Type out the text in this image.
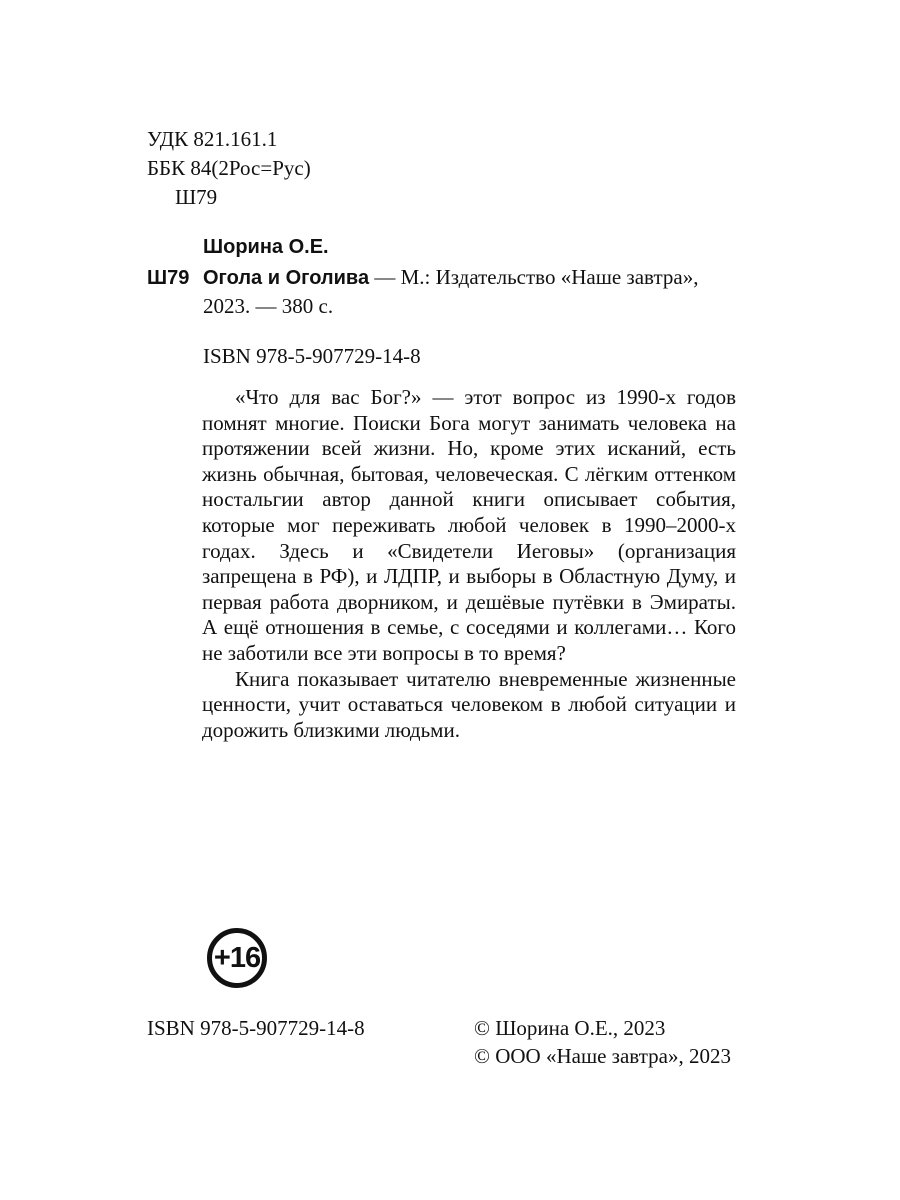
УДК 821.161.1
ББК 84(2Рос=Рус)
Ш79
Шорина О.Е.
Ш79 Огола и Оголива — М.: Издательство «Наше завтра»,
2023. — 380 с.
ISBN 978-5-907729-14-8

«Что для вас Бог?» — этот вопрос из 1990-х годов помнят многие. Поиски Бога могут занимать человека на протяжении всей жизни. Но, кроме этих исканий, есть жизнь обычная, бытовая, человеческая. С лёгким оттенком ностальгии автор данной книги описывает события, которые мог переживать любой человек в 1990–2000-х годах. Здесь и «Свидетели Иеговы» (организация запрещена в РФ), и ЛДПР, и выборы в Областную Думу, и первая работа дворником, и дешёвые путёвки в Эмираты. А ещё отношения в семье, с соседями и коллегами… Кого не заботили все эти вопросы в то время?

Книга показывает читателю вневременные жизненные ценности, учит оставаться человеком в любой ситуации и дорожить близкими людьми.

+16
ISBN 978-5-907729-14-8	© Шорина О.Е., 2023
© ООО «Наше завтра», 2023
